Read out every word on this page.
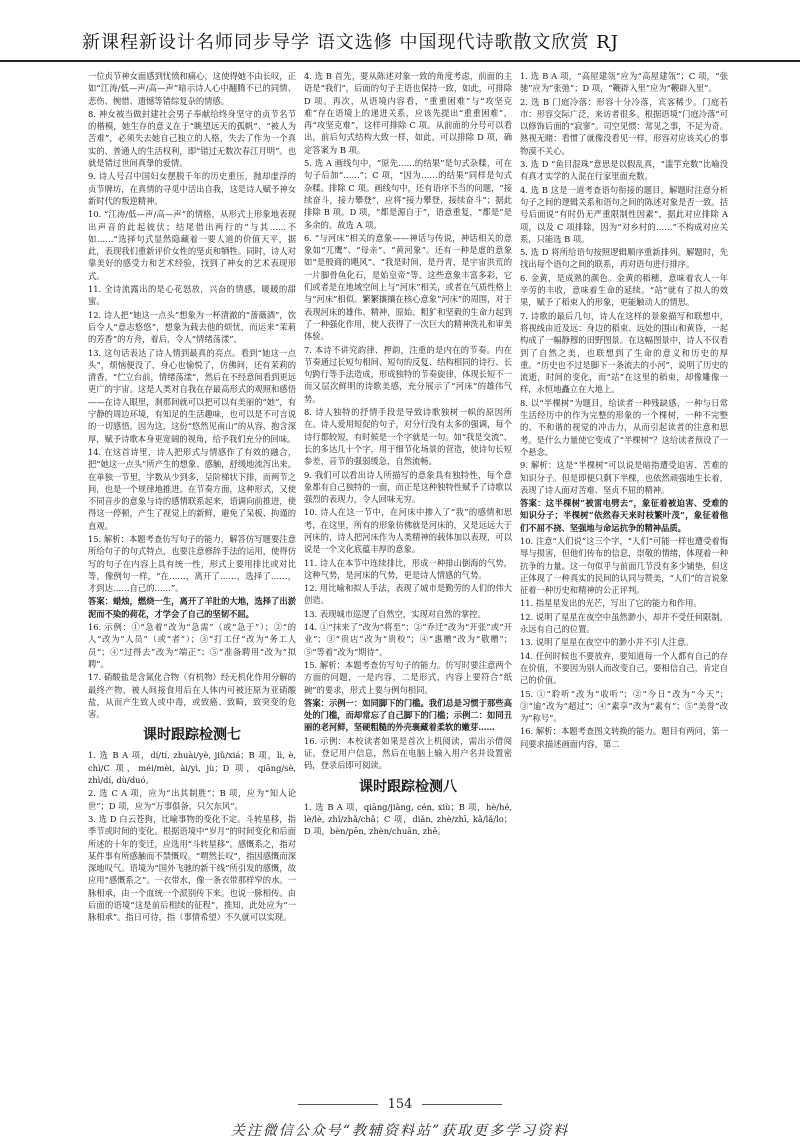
新课程新设计名师同步导学 语文选修 中国现代诗歌散文欣赏 RJ

一位贞节神女面感到忧愤和痛心，这使得她不由长叹，正如“江涛/低—声/高—声”暗示诗人心中翻腾不已的同情、悲伤、惋惜、遗憾等错综复杂的情感。

8. 神女被当做封建社会男子奉献给终身坚守的贞节名节的楷模，她生存的意义在于“眺望远天的孤帆”、“被人为苦难”，必须失去她自己独立的人格，失去了作为一个真实的、普通人的生活权利，即“错过无数次春江月明”。也就是错过世间真挚的爱情。

9. 诗人号召中国妇女摆脱千年的历史重压，抛却虚浮的贞节牌坊，在真情的寻觅中活出自我，这是诗人赋予神女新时代的叛逆精神。

10. “江涛/低—声/高—声”的情格，从形式上形象地表现出声音的此起彼伏；结尾借出两行的“与其……不如……”选择句式显然隐藏着一要人道的价值天平，据此，表现我们重新评价女性的坚贞和牺牲。同时，诗人对靠美好的感受力和艺术经验，找到了神女的艺术表现形式。

11. 全诗流露出的是心花怒放，兴奋的情感，暖暖的甜蜜。

12. 诗人把“她这一点头”想象为一杯清澈的“蔷薇酒”，饮后令人“意志悠悠”，想象为载去他的烦忧，而运来“茉莉的芳香”的方舟，着后，令人“情绪荡漾”。

13. 这句话表达了诗人情到最真的亮点。看到“她这一点头”，烦恼便没了，身心也愉悦了，仿佛间，还有茉莉的清香，“伫立台前，情绪荡漾”，然后在不经意间看到更远更广的宇宙。这是人类对自我在存最高形式的观照和感悟——在诗人眼里，刹那间就可以把可以有美丽的“她”，有宁静的周边环境，有知足的生活趣味，也可以是不可言说的一切感悟。因为这，这份“悠然见南山”的从容、抱含深厚，赋予诗歌本身更宽阔的视角，给予我们充分的回味。

14. 在这首诗里，诗人把形式与情感作了有效的融合，把“她这一点头”所产生的想象、感触，舒缓地流泻出来。在单独一节里，字数从少到多，呈阶梯状下排，而两节之间，也是一个规律地推进。在节奏方面，这种形式，又使不同音步的意象与诗的感情联系起来，语调向前推进，使得这一停顿，产生了视觉上的新鲜，避免了呆板、拘谨的直观。

15. 解析：本题考查仿写句子的能力，解答仿写题要注意所给句子的句式特点，也要注意修辞手法的运用，使得仿写的句子在内容上具有统一性，形式上要用排比或对比等，像例句一样，“在……，离开了……，选择了……，才到达……自己的……”。

答案：蜡烛，燃烧一生，离开了羊肚的大地，选择了出淤泥而不染的荷花，才学会了自己的坚韧不屈。

16. 示例：①“急着”改为“急需”（或“急于”）；②“的人”改为“人员”（或“者”）；③“打工仔”改为“务工人员”；④“过得去”改为“端正”；⑤“准备聘用”改为“拟聘”。

17. 硝酸盐是含氮化合物（有机物）经无机化作用分解的最终产物，被人间接食用后在人体内可被还原为亚硝酸盐，从而产生致人或中毒，或致癌、致畸，致突变的危害。

课时跟踪检测七

1. 选 B A 项，dí/tí, zhuài/yè, jiǔ/xiá；B 项，lì, è, chì/C 项，méi/mèi, ài/yì, jù；D 项，qiāng/sè, zhì/dí, dù/duó。

2. 选 C A 项，应为“出其制胜”；B 项，应为“知人论世”；D 项，应为“万事俱备，只欠东风”。

3. 选 D 白云苍狗，比喻事物的变化不定。斗转星移，指季节或时间的变化。根据语境中“岁月”的时间变化和后面所述的十年的变迁，应选用“斗转星移”。感慨系之，指对某件事有所感触而不禁慨叹。“喟然长叹”，指因感慨而深深地叹气。语境为“国外飞驰的新干线”所引发的感慨，故应用“感慨系之”。一衣带水，像一条衣带那样窄的水。一脉相承，由一个血统一个派别传下来。也说一脉相传。由后面的语境“这是前后相续的征程”，推知，此处应为“一脉相承”。指日可待，指（事情希望）不久就可以实现。

4. 选 B 首先，要从陈述对象一致的角度考虑，前面的主语是“我们”，后面的句子主语也保持一致，如此，可排除 D 项。再次，从语境内容看，“重重困难”与“攻坚克难”存在语境上的递进关系，应该先提出“重重困难”，再“攻坚克难”，这样可排除 C 项。从前面的分号可以看出，前后句式结构大致一样，如此，可以排除 D 项，确定答案为 B 项。

5. 选 A 画线句中，“原先……的结果”是句式杂糅，可在句子后加“……”；C 项，“因为……的结果”同样是句式杂糅。排除 C 项。画线句中，还有语序不当的问题，“接续奋斗，接力攀登”，应将“接力攀登，接续奋斗”；据此排除 B 项。D 项，“都是源自于”，语意重复，“都是”是多余的。故选 A 项。

6. “与河床”相关的意象——神话与传说，神话相关的意象如“兀鹰”、“母亲”、“黄河象”。还有一种是虚的意象如“是殷商的飓风”、“我是时间，是丹青，是宇宙洪荒的一片脚骨鱼化石，是始皇帝”等。这些意象丰富多彩，它们或者是在地域空间上与“河床”相关，或者在气质性格上与“河床”相似。繁繁攘攘在核心意象“河床”的周围，对于表现河床的雄伟、精神，原始、粗犷和坚毅的生命力起到了一种强化作用，使人获得了一次巨大的精神洗礼和审美体验。

7. 本诗不讲究韵律、押韵，注重的是内在的节奏。内在节奏通过长短句相间、短句的反复、结构相同的诗行、长句跨行等手法造成，形成独特的节奏旋律，体现长短不一而又层次鲜明的诗歌美感，充分展示了“河床”的雄伟气势。

8. 诗人独特的抒情手段是导致诗歌独树一帜的原因所在。诗人爱用短促的句子，对分行没有太多的强调，每个诗行都较短，有时候是一个字就是一句。如“我是交流”、长的多达几十个字，用于细节化场景的营造，使诗句长短参差，音节的强弱缓急，自然流畅。

9. 我们可以看出诗人所描写的意象具有独特性，每个意象都有自己独特的一面，而正是这种独特性赋予了诗歌以强烈的表现力，令人回味无穷。

10. 诗人在这一节中，在河床中掺入了“我”的感情和思考，在这里，所有的形象仿佛就是河床的，又是远远大于河床的，诗人把河床作为人类精神的载体加以表现，可以说是一个文化底蕴丰厚的意象。

11. 诗人在本节中连续排比，形成一种排山倒海的气势，这种气势，是河床的气势，更是诗人情感的气势。

12. 用比喻和拟人手法，表现了城市是勤劳的人们的伟大创造。

13. 表现城市巡逻了自然空，实现对自然的掌控。

14. ①“抹来了”改为“将至”；②“乔迁”改为“开张”或“开业”；③“贵店”改为“贵校”；④“惠赠”改为“敬赠”；⑤“等着”改为“期待”。

15. 解析：本题考查仿写句子的能力。仿写时要注意两个方面的问题，一是内容，二是形式，内容上要符合“纸碗”的要求，形式上要与例句相同。

答案：示例一：如同脚下的门槛。我们总是习惯于那些高处的门槛，而却常忘了自己脚下的门槛；示例二：如同丑丽的老河鲜，坚硬粗糙的外壳裹藏着柔软的嫩芽……

16. 示例：本校读者如果是首次上机阅读，需出示借阅证，登记用户信息，然后在电脑上输入用户名并设置密码，登录后即可阅读。

课时跟踪检测八

1. 选 B A 项，qiāng/jiàng, cén, xiù；B 项，hè/hé, lè/lè, zhǐ/zhǎ/chǎ；C 项，diǎn, zhè/zhī, kǎ/lǎ/lo；D 项，bèn/pēn, zhèn/chuān, zhē。

1. 选 B A 项，“高屋建瓴”应为“高屋建瓴”；C 项，“张驰”应为“张弛”；D 项，“鞭辟入里”应为“鞭辟入里”。

2. 选 B 门庭冷落：形容十分冷落，宾客稀少。门庭若市：形容交际广泛，来访者很多。根据语境“门庭冷落”可以修饰后面的“寂寥”。司空见惯：常见之事，不足为奇。熟视无睹：看惯了就像没看见一样，形容对应该关心的事物漠不关心。

3. 选 D “鱼目混珠”意思是以假乱真，“滥竽充数”比喻没有真才实学的人混在行家里面充数。

4. 选 B 这是一道考查语句衔接的题目，解题时注意分析句子之间的逻辑关系和语句之间的陈述对象是否一致。括号后面说“有时仍无严重限制性因素”，据此对应排除 A 项，以及 C 项排除，因为“对乡村的……”不构成对应关系，只能选 B 项。

5. 选 D 将所给语句按照逻辑顺序重新排列。解题时，先找出每个语句之间的联系，再对语句进行排序。

6. 金黄，是成熟的颜色。金黄的稻穗，意味着农人一年辛劳的丰收，意味着生命的延续。“站”就有了拟人的效果，赋予了稻束人的形象，更能触动人的情思。

7. 诗歌的最后几句，诗人在这样的景象描写和联想中，将视线由近及远：身边的稻束、远处的围山和黄昏，一起构成了一幅静穆的田野图景。在这幅图景中，诗人不仅看到了自然之美，也联想到了生命的意义和历史的厚重。“历史也不过是脚下一条流去的小河”，说明了历史的流逝，时间的变化，而“站”在这里的稻束，却像雕像一样，永恒地矗立在大地上。

8. 以“半棵树”为题目，给读者一种残缺感，一种与日常生活经历中的作为完整的形象的一个棵树，一种不完整的、不和谐的视觉的冲击力，从而引起读者的注意和思考。是什么力量使它变成了“半棵树”？这给读者预设了一个悬念。

9. 解析：这是“半棵树”可以说是暗指遭受迫害、苦难的知识分子。但是即便只剩下半棵，也依然顽强地生长着，表现了诗人面对苦难、坚贞不屈的精神。

答案：这半棵树“被雷电劈去”，象征着被迫害、受难的知识分子；半棵树“依然春天来时枝繁叶茂”，象征着他们不屈不挠、坚强地与命运抗争的精神品质。

10. 注意“人们说”这三个字，“人们”可能一样也遭受着悔辱与损害，但他们传布的信息，崇敬的情绪，体现着一种抗争的力量。这一句似乎与前面几节没有多少铺垫，但这正体现了一种真实的民间的认同与赞美，“人们”的言说象征着一种历史和精神的公正评判。

11. 指星星发出的光芒，写出了它的能力和作用。

12. 说明了星星在夜空中虽然渺小，却并不受任何限制，永远有自己的位置。

13. 说明了星星在夜空中的渺小并不引人注意。

14. 任何时候也不要放弃，要知道每一个人都有自己的存在价值，不要因为别人而改变自己，要相信自己，肯定自己的价值。

15. ①“聆听”改为“收听”；②“今日”改为“今天”；③“逾”改为“超过”；④“素享”改为“素有”；⑤“美誉”改为“称号”。

16. 解析：本题考查图文转换的能力。题目有两问，第一问要求描述画面内容，第二

154
关注微信公众号“教辅资料站”获取更多学习资料
